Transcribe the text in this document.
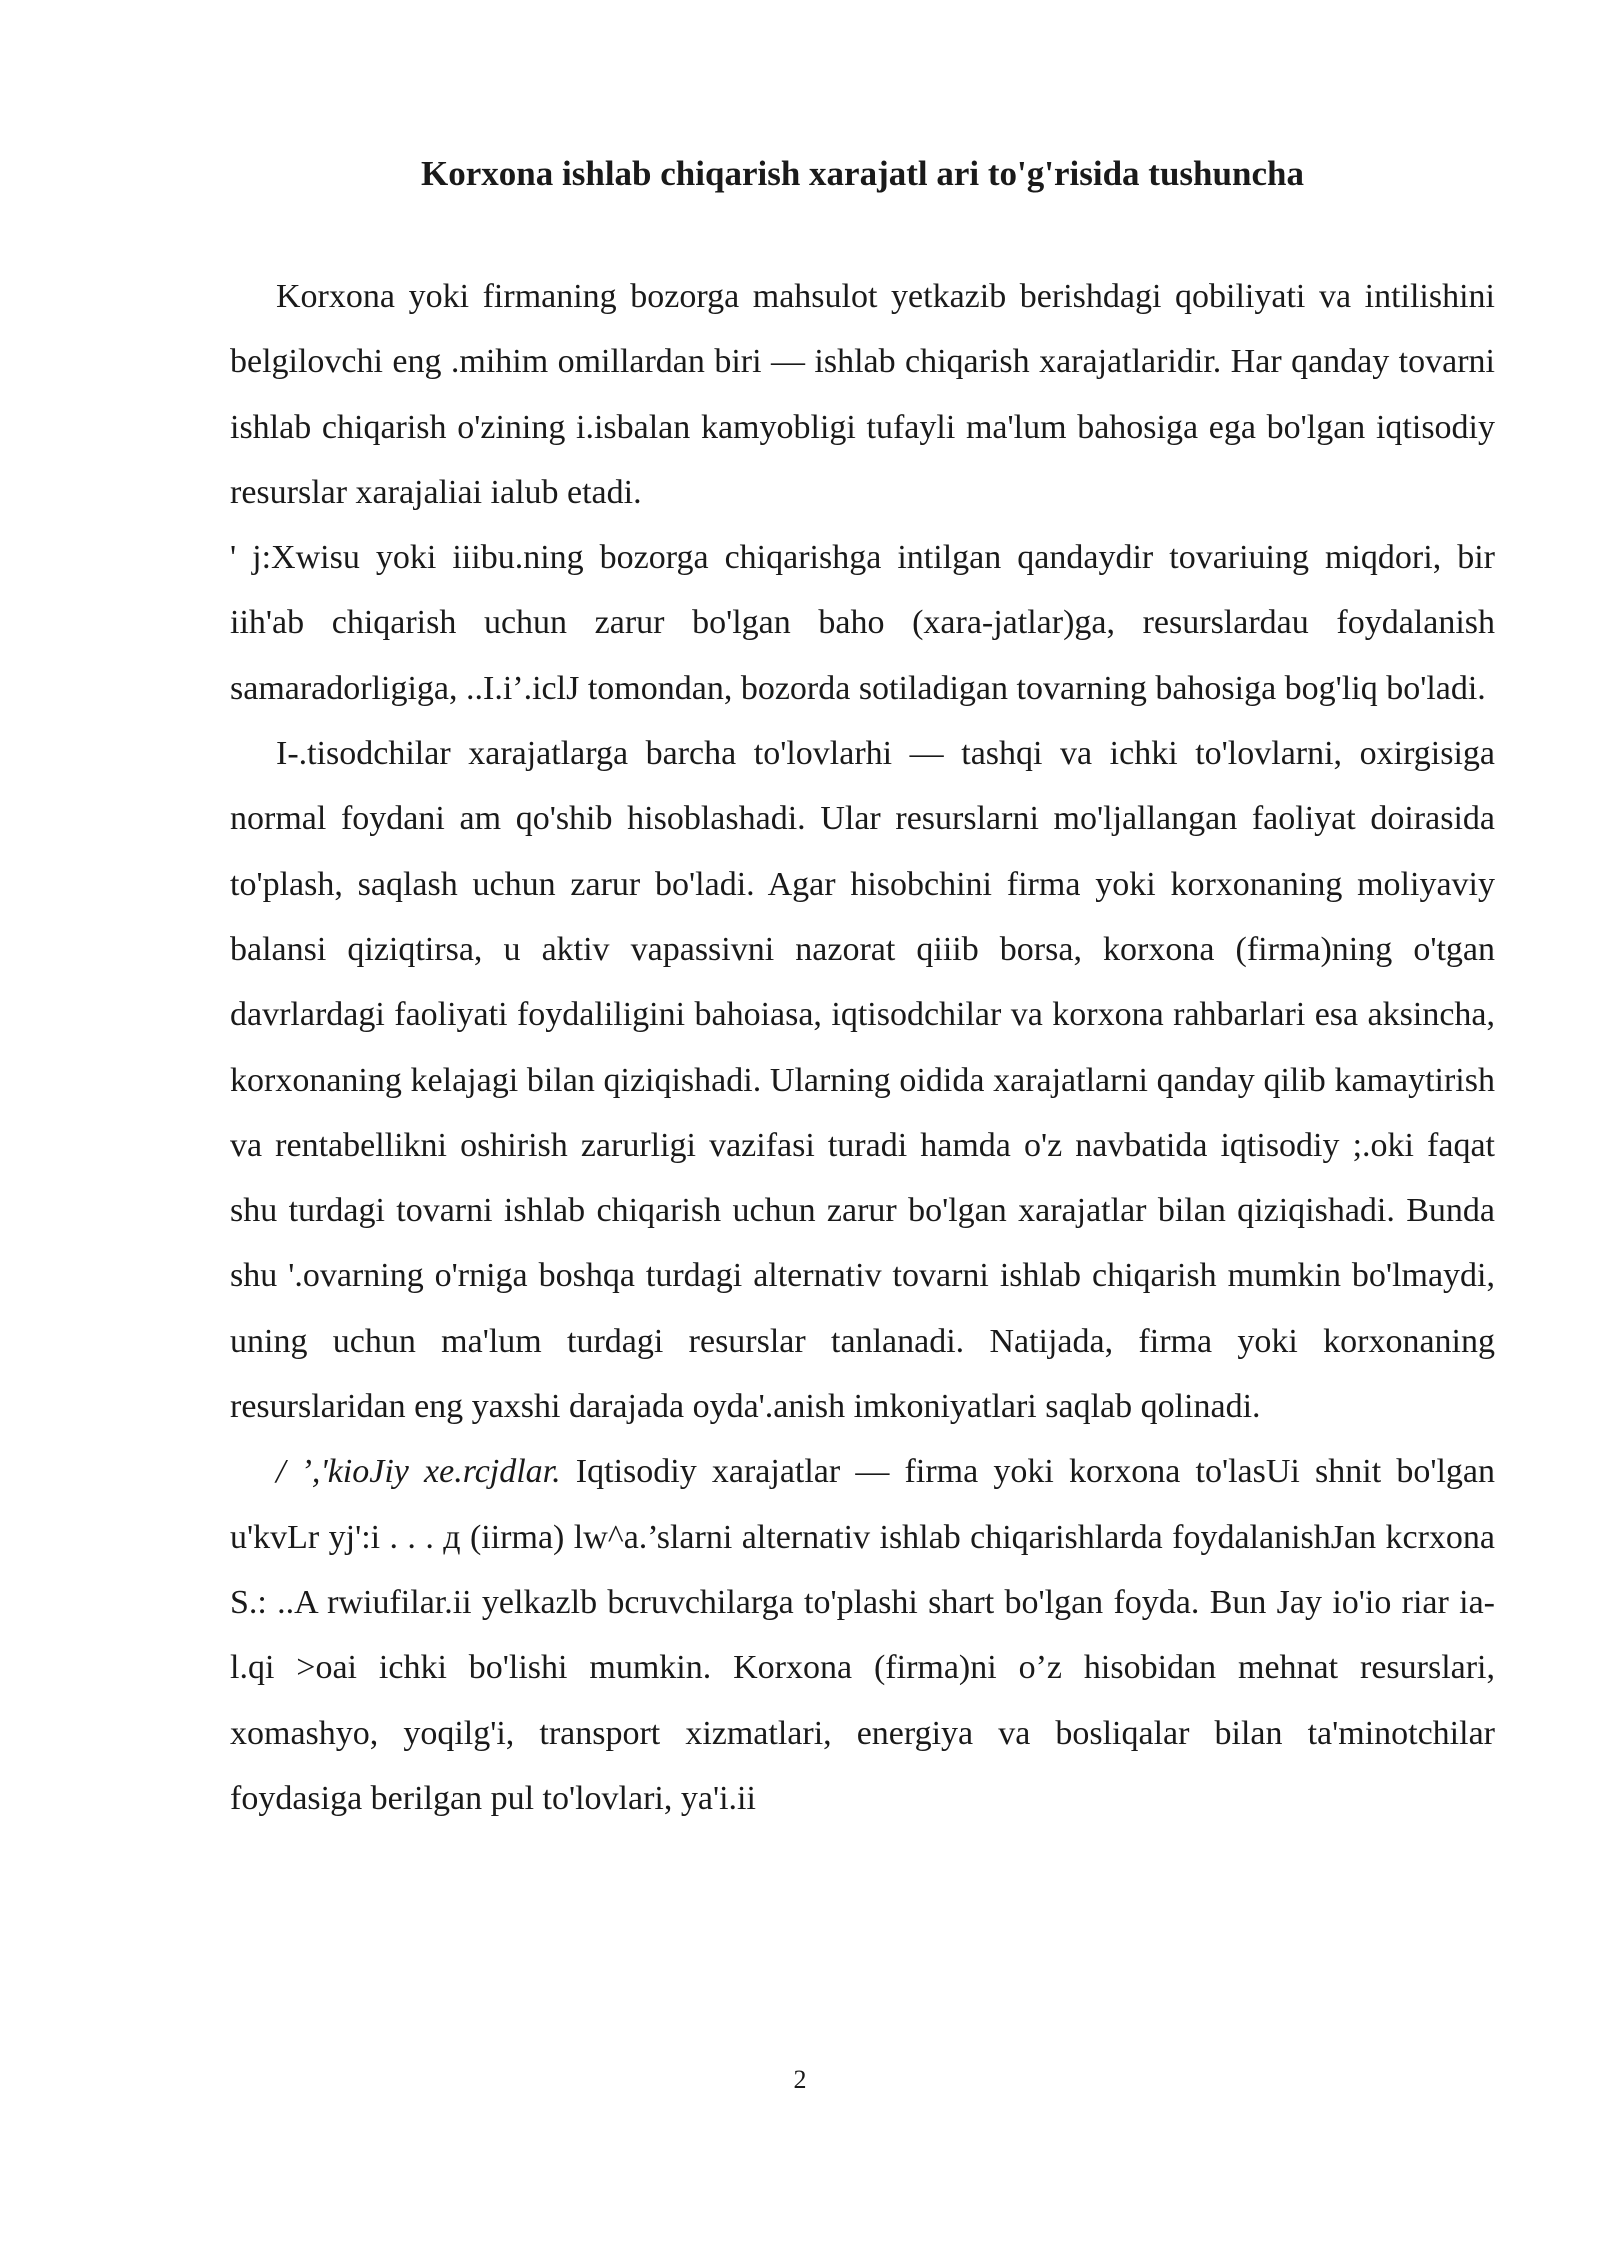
Korxona ishlab chiqarish xarajatl ari to'g'risida tushuncha

Korxona yoki firmaning bozorga mahsulot yetkazib berishdagi qobiliyati va intilishini belgilovchi eng .mihim omillardan biri — ishlab chiqarish xarajatlaridir. Har qanday tovarni ishlab chiqarish o'zining i.isbalan kamyobligi tufayli ma'lum bahosiga ega bo'lgan iqtisodiy resurslar xarajaliai ialub etadi.

' j:Xwisu yoki iiibu.ning bozorga chiqarishga intilgan qandaydir tovariuing miqdori, bir iih'ab chiqarish uchun zarur bo'lgan baho (xara-jatlar)ga, resurslardau foydalanish samaradorligiga, ..I.i’.iclJ tomondan, bozorda sotiladigan tovarning bahosiga bog'liq bo'ladi.

I-.tisodchilar xarajatlarga barcha to'lovlarhi — tashqi va ichki to'lovlarni, oxirgisiga normal foydani am qo'shib hisoblashadi. Ular resurslarni mo'ljallangan faoliyat doirasida to'plash, saqlash uchun zarur bo'ladi. Agar hisobchini firma yoki korxonaning moliyaviy balansi qiziqtirsa, u aktiv vapassivni nazorat qiiib borsa, korxona (firma)ning o'tgan davrlardagi faoliyati foydaliligini bahoiasa, iqtisodchilar va korxona rahbarlari esa aksincha, korxonaning kelajagi bilan qiziqishadi. Ularning oidida xarajatlarni qanday qilib kamaytirish va rentabellikni oshirish zarurligi vazifasi turadi hamda o'z navbatida iqtisodiy ;.oki faqat shu turdagi tovarni ishlab chiqarish uchun zarur bo'lgan xarajatlar bilan qiziqishadi. Bunda shu '.ovarning o'rniga boshqa turdagi alternativ tovarni ishlab chiqarish mumkin bo'lmaydi, uning uchun ma'lum turdagi resurslar tanlanadi. Natijada, firma yoki korxonaning resurslaridan eng yaxshi darajada oyda'.anish imkoniyatlari saqlab qolinadi.

/ ’,'kioJiy xe.rcjdlar. Iqtisodiy xarajatlar — firma yoki korxona to'lasUi shnit bo'lgan u'kvLr yj':i . . . д (iirma) lw^a.’slarni alternativ ishlab chiqarishlarda foydalanishJan kcrxona S.: ..A rwiufilar.ii yelkazlb bcruvchilarga to'plashi shart bo'lgan foyda. Bun Jay io'io riar ia-l.qi >oai ichki bo'lishi mumkin. Korxona (firma)ni o’z hisobidan mehnat resurslari, xomashyo, yoqilg'i, transport xizmatlari, energiya va bosliqalar bilan ta'minotchilar foydasiga berilgan pul to'lovlari, ya'i.ii

2
